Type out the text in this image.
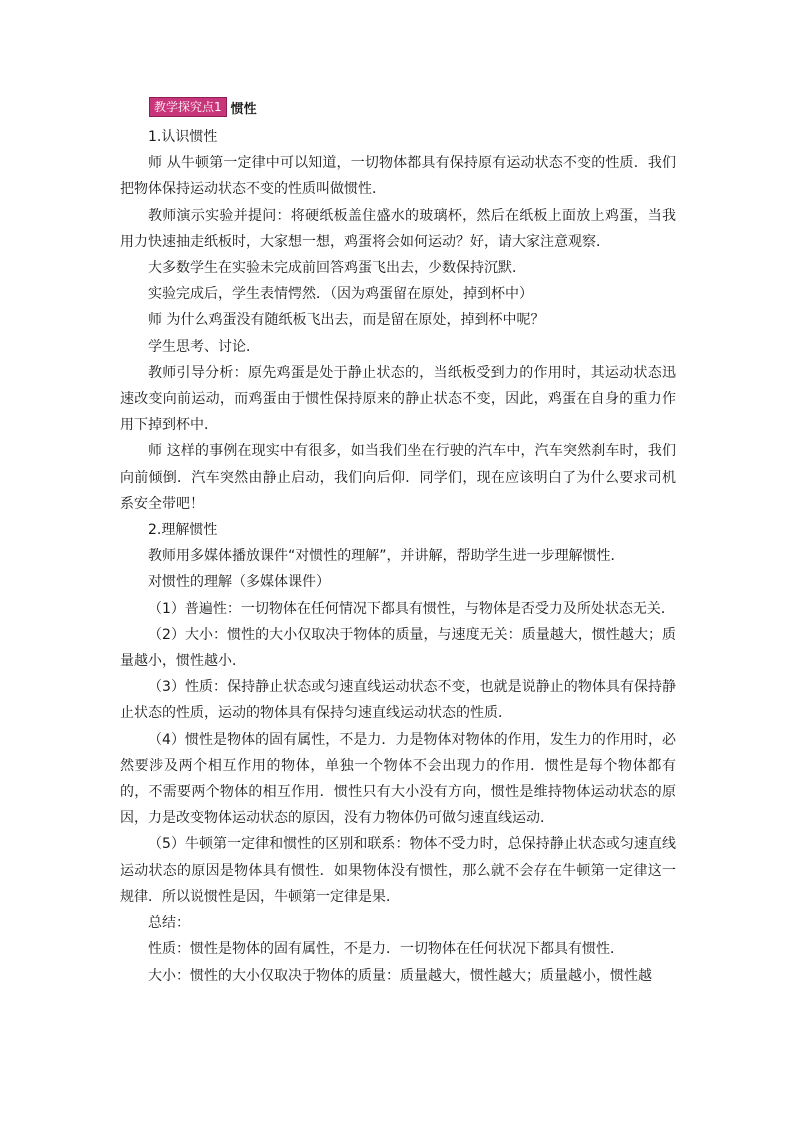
教学探究点1 惯性

1.认识惯性

师 从牛顿第一定律中可以知道，一切物体都具有保持原有运动状态不变的性质．我们把物体保持运动状态不变的性质叫做惯性．

教师演示实验并提问：将硬纸板盖住盛水的玻璃杯，然后在纸板上面放上鸡蛋，当我用力快速抽走纸板时，大家想一想，鸡蛋将会如何运动？好，请大家注意观察．

大多数学生在实验未完成前回答鸡蛋飞出去，少数保持沉默．

实验完成后，学生表情愕然．（因为鸡蛋留在原处，掉到杯中）

师 为什么鸡蛋没有随纸板飞出去，而是留在原处，掉到杯中呢？

学生思考、讨论．

教师引导分析：原先鸡蛋是处于静止状态的，当纸板受到力的作用时，其运动状态迅速改变向前运动，而鸡蛋由于惯性保持原来的静止状态不变，因此，鸡蛋在自身的重力作用下掉到杯中．

师 这样的事例在现实中有很多，如当我们坐在行驶的汽车中，汽车突然刹车时，我们向前倾倒．汽车突然由静止启动，我们向后仰．同学们，现在应该明白了为什么要求司机系安全带吧！

2.理解惯性

教师用多媒体播放课件“对惯性的理解”，并讲解，帮助学生进一步理解惯性．

对惯性的理解（多媒体课件）

（1）普遍性：一切物体在任何情况下都具有惯性，与物体是否受力及所处状态无关．

（2）大小：惯性的大小仅取决于物体的质量，与速度无关：质量越大，惯性越大；质量越小，惯性越小．

（3）性质：保持静止状态或匀速直线运动状态不变，也就是说静止的物体具有保持静止状态的性质，运动的物体具有保持匀速直线运动状态的性质．

（4）惯性是物体的固有属性，不是力．力是物体对物体的作用，发生力的作用时，必然要涉及两个相互作用的物体，单独一个物体不会出现力的作用．惯性是每个物体都有的，不需要两个物体的相互作用．惯性只有大小没有方向，惯性是维持物体运动状态的原因，力是改变物体运动状态的原因，没有力物体仍可做匀速直线运动．

（5）牛顿第一定律和惯性的区别和联系：物体不受力时，总保持静止状态或匀速直线运动状态的原因是物体具有惯性．如果物体没有惯性，那么就不会存在牛顿第一定律这一规律．所以说惯性是因，牛顿第一定律是果．

总结：

性质：惯性是物体的固有属性，不是力．一切物体在任何状况下都具有惯性．

大小：惯性的大小仅取决于物体的质量：质量越大，惯性越大；质量越小，惯性越
